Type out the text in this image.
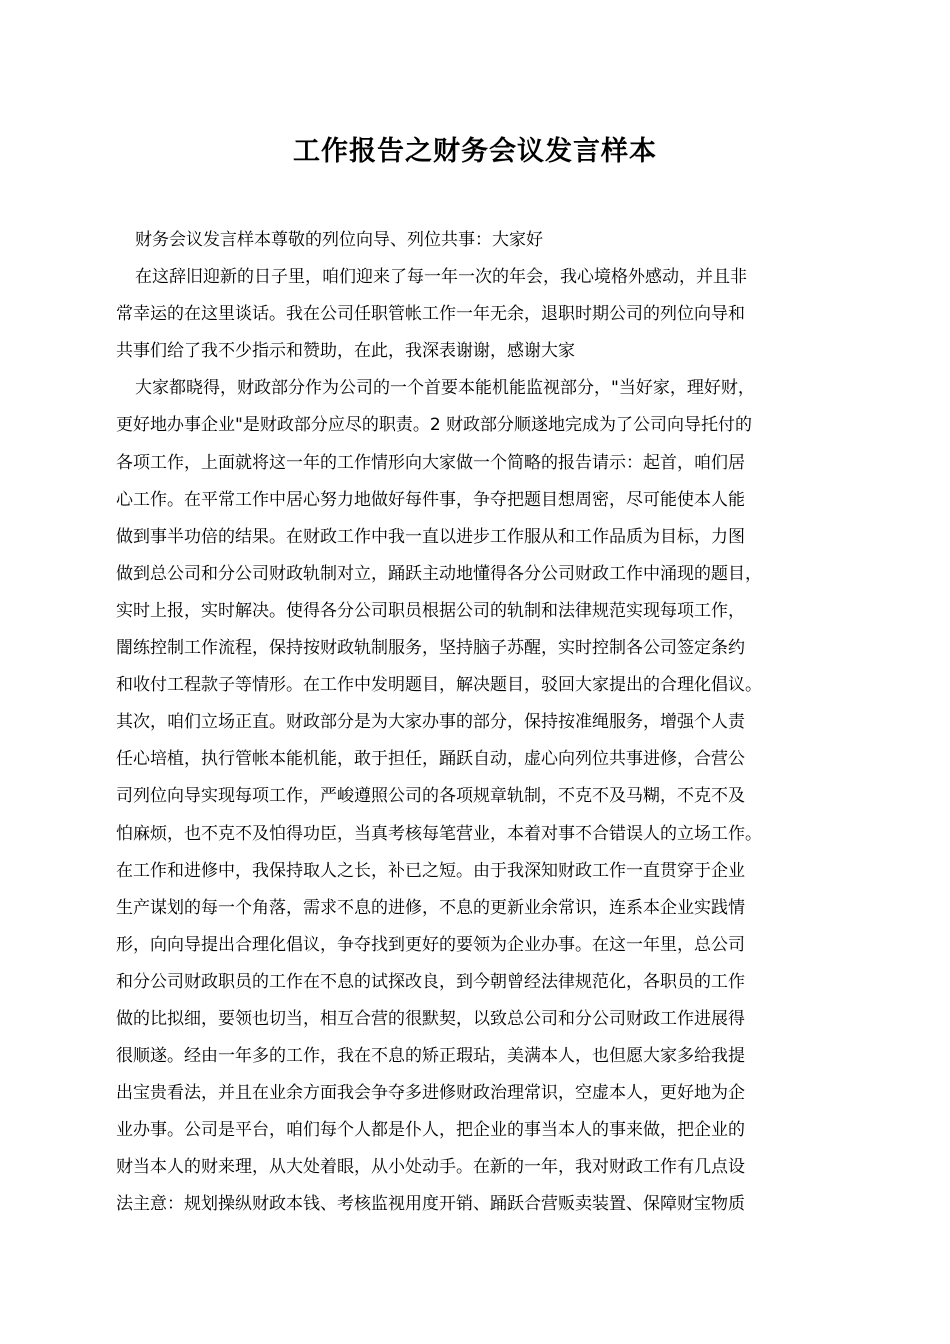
工作报告之财务会议发言样本

财务会议发言样本尊敬的列位向导、列位共事：大家好

在这辞旧迎新的日子里，咱们迎来了每一年一次的年会，我心境格外感动，并且非
常幸运的在这里谈话。我在公司任职管帐工作一年无余，退职时期公司的列位向导和
共事们给了我不少指示和赞助，在此，我深表谢谢，感谢大家

大家都晓得，财政部分作为公司的一个首要本能机能监视部分，"当好家，理好财，
更好地办事企业"是财政部分应尽的职责。2 财政部分顺遂地完成为了公司向导托付的
各项工作，上面就将这一年的工作情形向大家做一个简略的报告请示：起首，咱们居
心工作。在平常工作中居心努力地做好每件事，争夺把题目想周密，尽可能使本人能
做到事半功倍的结果。在财政工作中我一直以进步工作服从和工作品质为目标，力图
做到总公司和分公司财政轨制对立，踊跃主动地懂得各分公司财政工作中涌现的题目，
实时上报，实时解决。使得各分公司职员根据公司的轨制和法律规范实现每项工作，
闇练控制工作流程，保持按财政轨制服务，坚持脑子苏醒，实时控制各公司签定条约
和收付工程款子等情形。在工作中发明题目，解决题目，驳回大家提出的合理化倡议。
其次，咱们立场正直。财政部分是为大家办事的部分，保持按准绳服务，增强个人责
任心培植，执行管帐本能机能，敢于担任，踊跃自动，虚心向列位共事进修，合营公
司列位向导实现每项工作，严峻遵照公司的各项规章轨制，不克不及马糊，不克不及
怕麻烦，也不克不及怕得功臣，当真考核每笔营业，本着对事不合错误人的立场工作。
在工作和进修中，我保持取人之长，补已之短。由于我深知财政工作一直贯穿于企业
生产谋划的每一个角落，需求不息的进修，不息的更新业余常识，连系本企业实践情
形，向向导提出合理化倡议，争夺找到更好的要领为企业办事。在这一年里，总公司
和分公司财政职员的工作在不息的试探改良，到今朝曾经法律规范化，各职员的工作
做的比拟细，要领也切当，相互合营的很默契，以致总公司和分公司财政工作进展得
很顺遂。经由一年多的工作，我在不息的矫正瑕玷，美满本人，也但愿大家多给我提
出宝贵看法，并且在业余方面我会争夺多进修财政治理常识，空虚本人，更好地为企
业办事。公司是平台，咱们每个人都是仆人，把企业的事当本人的事来做，把企业的
财当本人的财来理，从大处着眼，从小处动手。在新的一年，我对财政工作有几点设
法主意：规划操纵财政本钱、考核监视用度开销、踊跃合营贩卖装置、保障财宝物质
